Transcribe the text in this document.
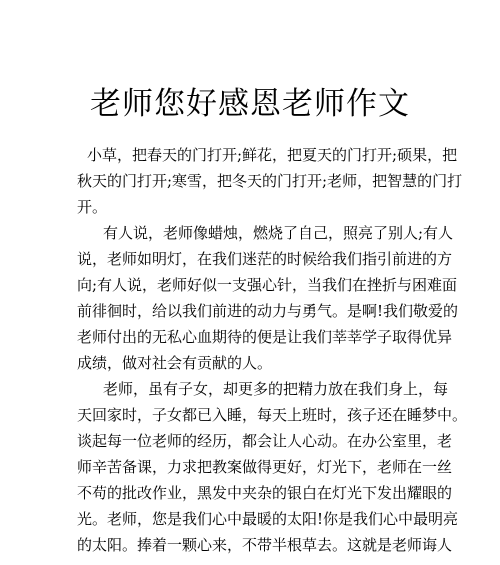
老师您好感恩老师作文
小草，把春天的门打开;鲜花，把夏天的门打开;硕果，把
秋天的门打开;寒雪，把冬天的门打开;老师，把智慧的门打
开。
有人说，老师像蜡烛，燃烧了自己，照亮了别人;有人
说，老师如明灯，在我们迷茫的时候给我们指引前进的方
向;有人说，老师好似一支强心针，当我们在挫折与困难面
前徘徊时，给以我们前进的动力与勇气。是啊!我们敬爱的
老师付出的无私心血期待的便是让我们莘莘学子取得优异
成绩，做对社会有贡献的人。
老师，虽有子女，却更多的把精力放在我们身上，每
天回家时，子女都已入睡，每天上班时，孩子还在睡梦中。
谈起每一位老师的经历，都会让人心动。在办公室里，老
师辛苦备课，力求把教案做得更好，灯光下，老师在一丝
不苟的批改作业，黑发中夹杂的银白在灯光下发出耀眼的
光。老师，您是我们心中最暖的太阳!你是我们心中最明亮
的太阳。捧着一颗心来，不带半根草去。这就是老师诲人
